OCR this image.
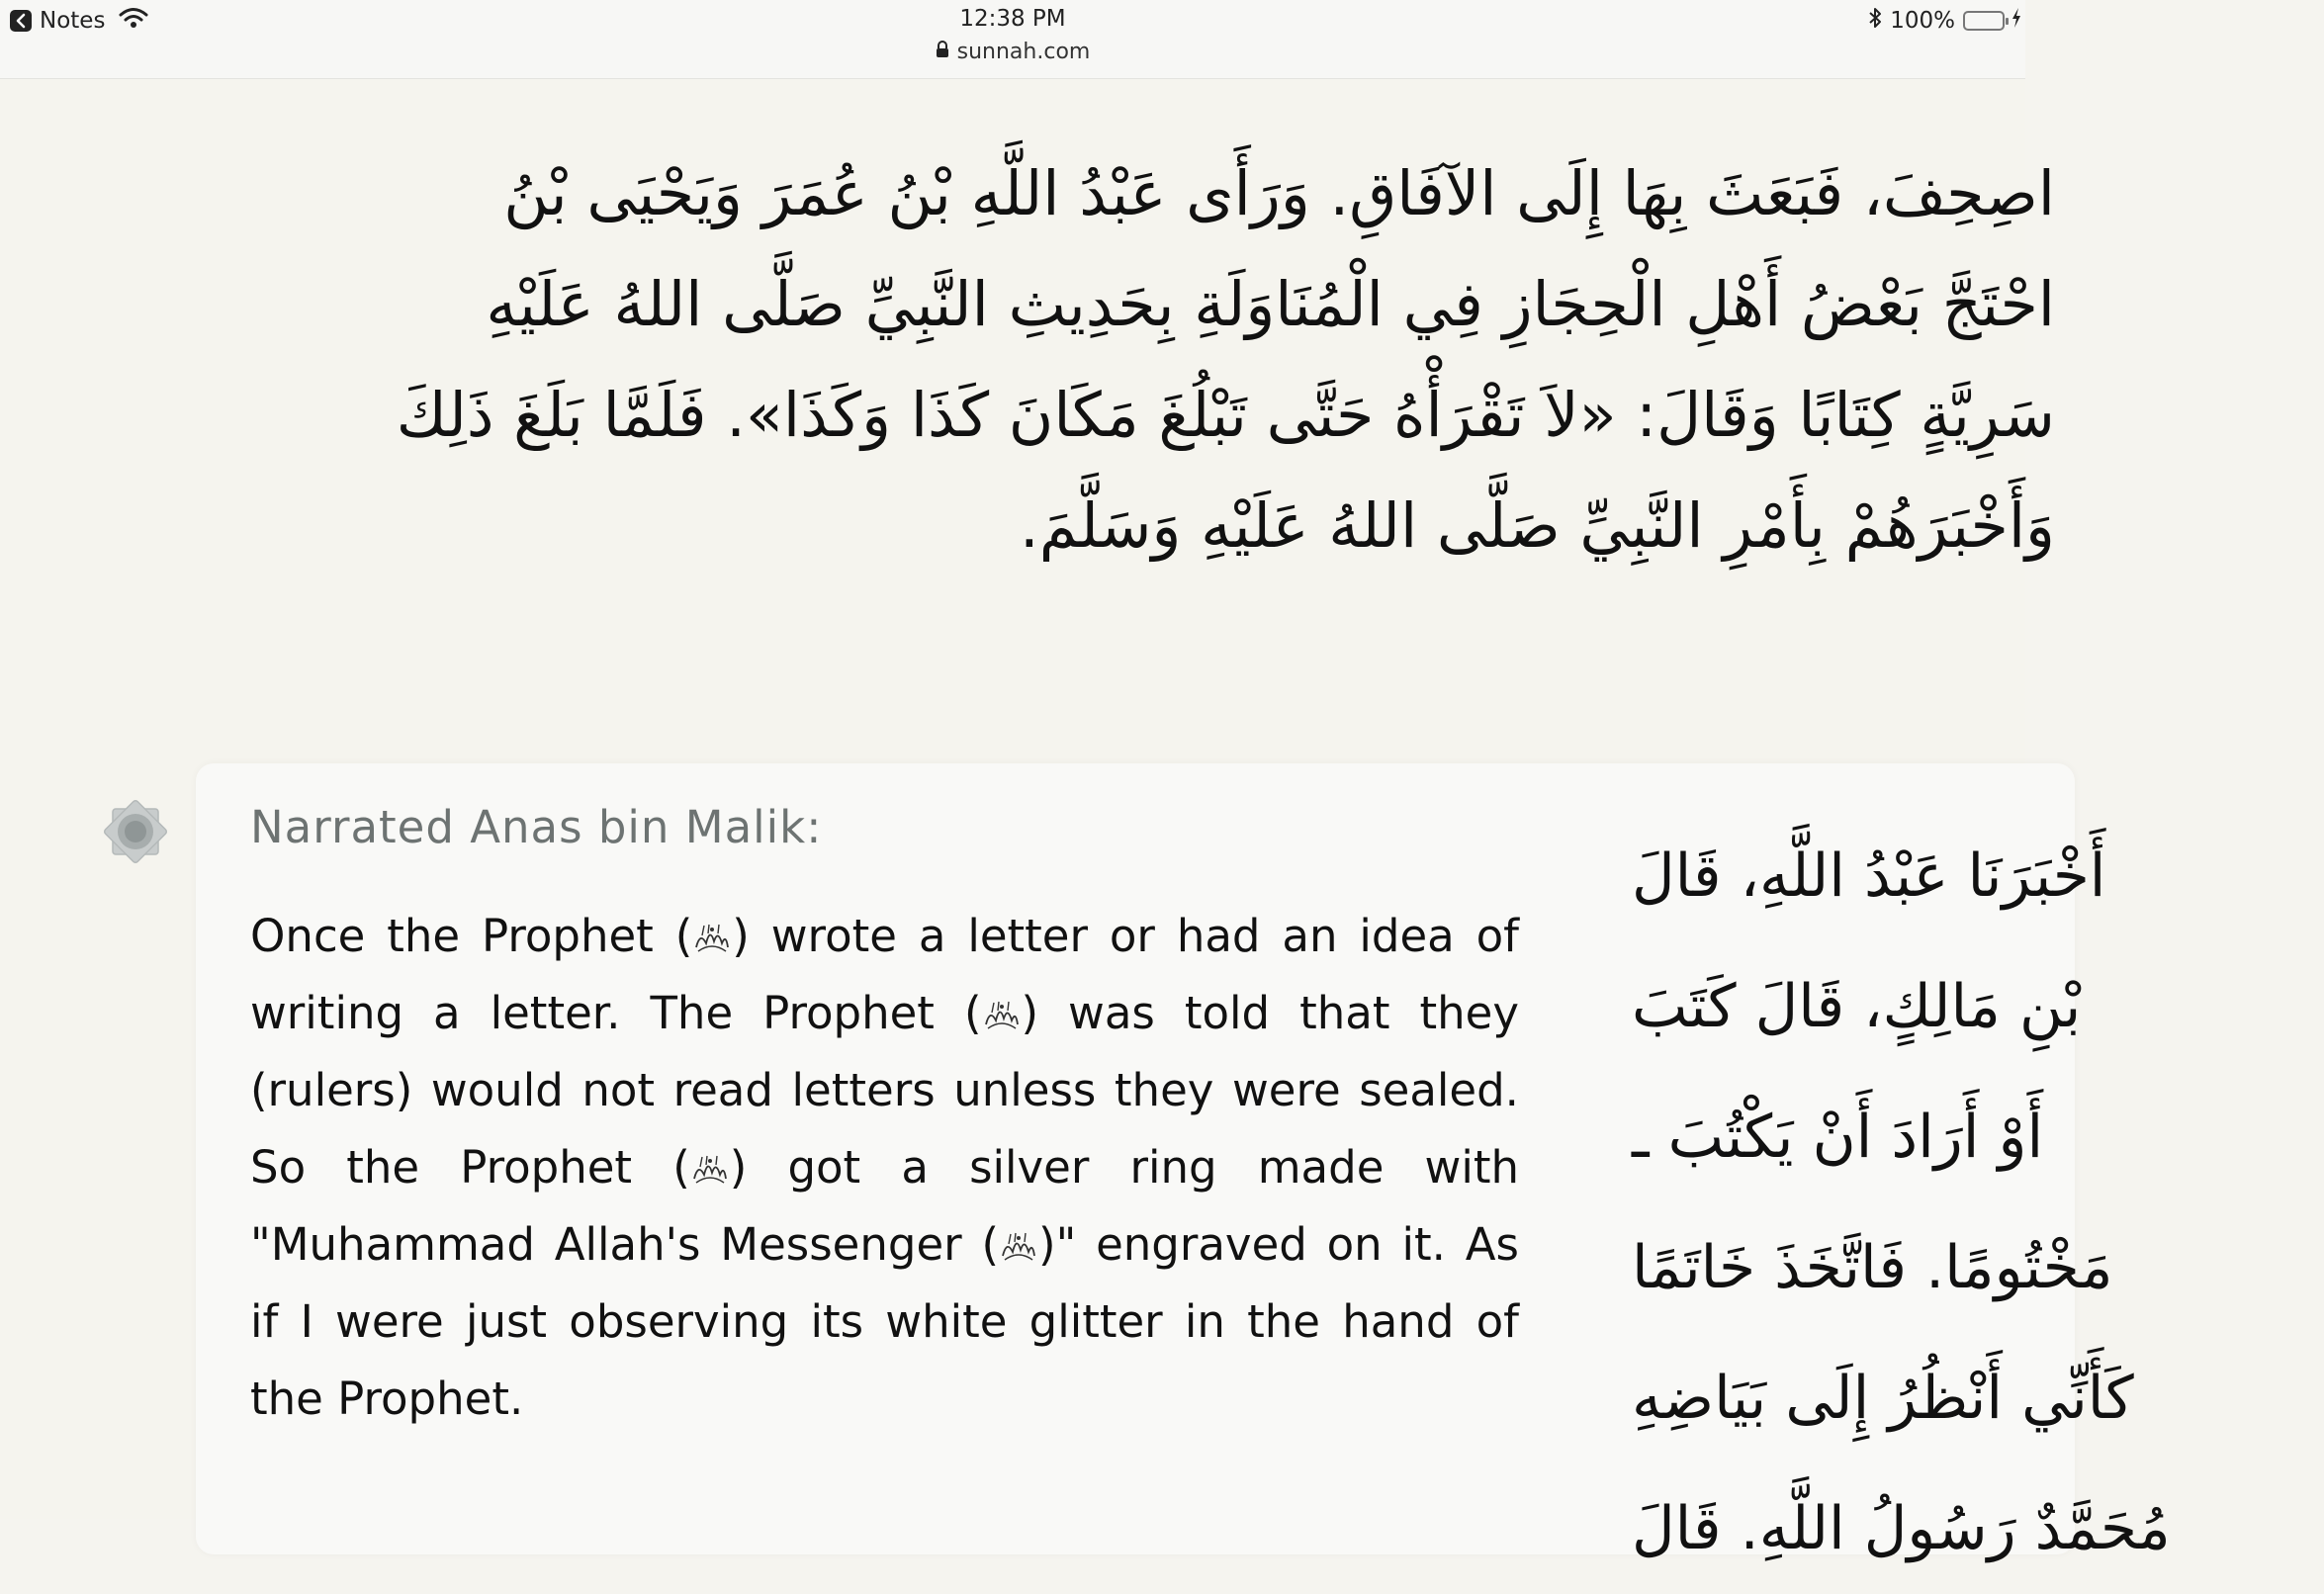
Notes	12:38 PM
sunnah.com
100%
اصِحِفَ، فَبَعَثَ بِهَا إِلَى الآفَاقِ. وَرَأَى عَبْدُ اللَّهِ بْنُ عُمَرَ وَيَحْيَى بْنُ
احْتَجَّ بَعْضُ أَهْلِ الْحِجَازِ فِي الْمُنَاوَلَةِ بِحَدِيثِ النَّبِيِّ صَلَّى اللهُ عَلَيْهِ
سَرِيَّةٍ كِتَابًا وَقَالَ: «لاَ تَقْرَأْهُ حَتَّى تَبْلُغَ مَكَانَ كَذَا وَكَذَا». فَلَمَّا بَلَغَ ذَلِكَ
وَأَخْبَرَهُمْ بِأَمْرِ النَّبِيِّ صَلَّى اللهُ عَلَيْهِ وَسَلَّمَ.
Narrated Anas bin Malik:
Once the Prophet ( ) wrote a letter or had an idea of writing a letter. The Prophet ( ) was told that they (rulers) would not read letters unless they were sealed. So the Prophet ( ) got a silver ring made with "Muhammad Allah's Messenger ( )" engraved on it. As if I were just observing its white glitter in the hand of the Prophet.
أَخْبَرَنَا عَبْدُ اللَّهِ، قَالَ
بْنِ مَالِكٍ، قَالَ كَتَبَ
أَوْ أَرَادَ أَنْ يَكْتُبَ ـ
مَخْتُومًا. فَاتَّخَذَ خَاتَمًا
كَأَنِّي أَنْظُرُ إِلَى بَيَاضِهِ
مُحَمَّدٌ رَسُولُ اللَّهِ. قَالَ
